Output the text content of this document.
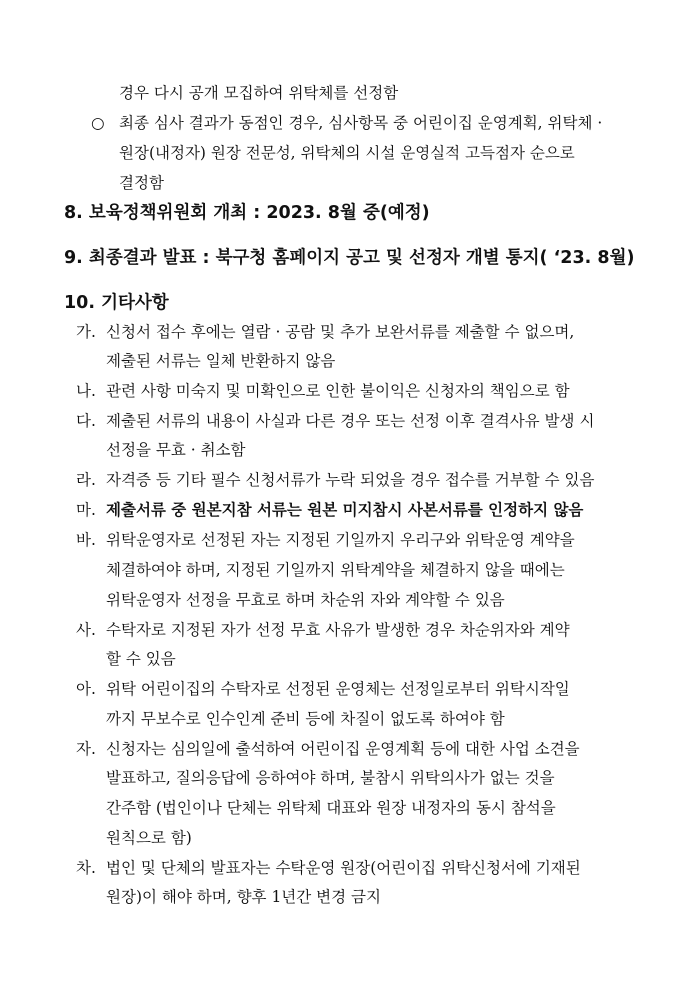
경우 다시 공개 모집하여 위탁체를 선정함
○ 최종 심사 결과가 동점인 경우, 심사항목 중 어린이집 운영계획, 위탁체 ·
원장(내정자) 원장 전문성, 위탁체의 시설 운영실적 고득점자 순으로
결정함
8. 보육정책위원회 개최 : 2023. 8월 중(예정)
9. 최종결과 발표 : 북구청 홈페이지 공고 및 선정자 개별 통지( ‘23. 8월)
10. 기타사항
가. 신청서 접수 후에는 열람 · 공람 및 추가 보완서류를 제출할 수 없으며,
제출된 서류는 일체 반환하지 않음
나. 관련 사항 미숙지 및 미확인으로 인한 불이익은 신청자의 책임으로 함
다. 제출된 서류의 내용이 사실과 다른 경우 또는 선정 이후 결격사유 발생 시
선정을 무효 · 취소함
라. 자격증 등 기타 필수 신청서류가 누락 되었을 경우 접수를 거부할 수 있음
마. 제출서류 중 원본지참 서류는 원본 미지참시 사본서류를 인정하지 않음
바. 위탁운영자로 선정된 자는 지정된 기일까지 우리구와 위탁운영 계약을
체결하여야 하며, 지정된 기일까지 위탁계약을 체결하지 않을 때에는
위탁운영자 선정을 무효로 하며 차순위 자와 계약할 수 있음
사. 수탁자로 지정된 자가 선정 무효 사유가 발생한 경우 차순위자와 계약
할 수 있음
아. 위탁 어린이집의 수탁자로 선정된 운영체는 선정일로부터 위탁시작일
까지 무보수로 인수인계 준비 등에 차질이 없도록 하여야 함
자. 신청자는 심의일에 출석하여 어린이집 운영계획 등에 대한 사업 소견을
발표하고, 질의응답에 응하여야 하며, 불참시 위탁의사가 없는 것을
간주함 (법인이나 단체는 위탁체 대표와 원장 내정자의 동시 참석을
원칙으로 함)
차. 법인 및 단체의 발표자는 수탁운영 원장(어린이집 위탁신청서에 기재된
원장)이 해야 하며, 향후 1년간 변경 금지
